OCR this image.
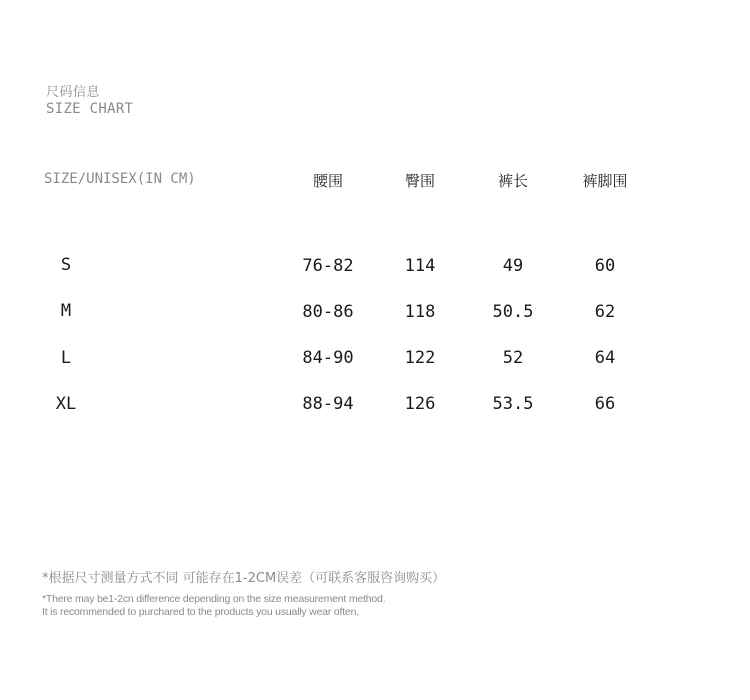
尺码信息
SIZE CHART
SIZE/UNISEX(IN CM)	腰围	臀围	裤长	裤脚围
S	76-82	114	49	60
M	80-86	118	50.5	62
L	84-90	122	52	64
XL	88-94	126	53.5	66
*根据尺寸测量方式不同 可能存在1-2CM误差（可联系客服咨询购买）
*There may be1-2cn difference depending on the size measurement method.
It is recommended to purchared to the products you usually wear often,
